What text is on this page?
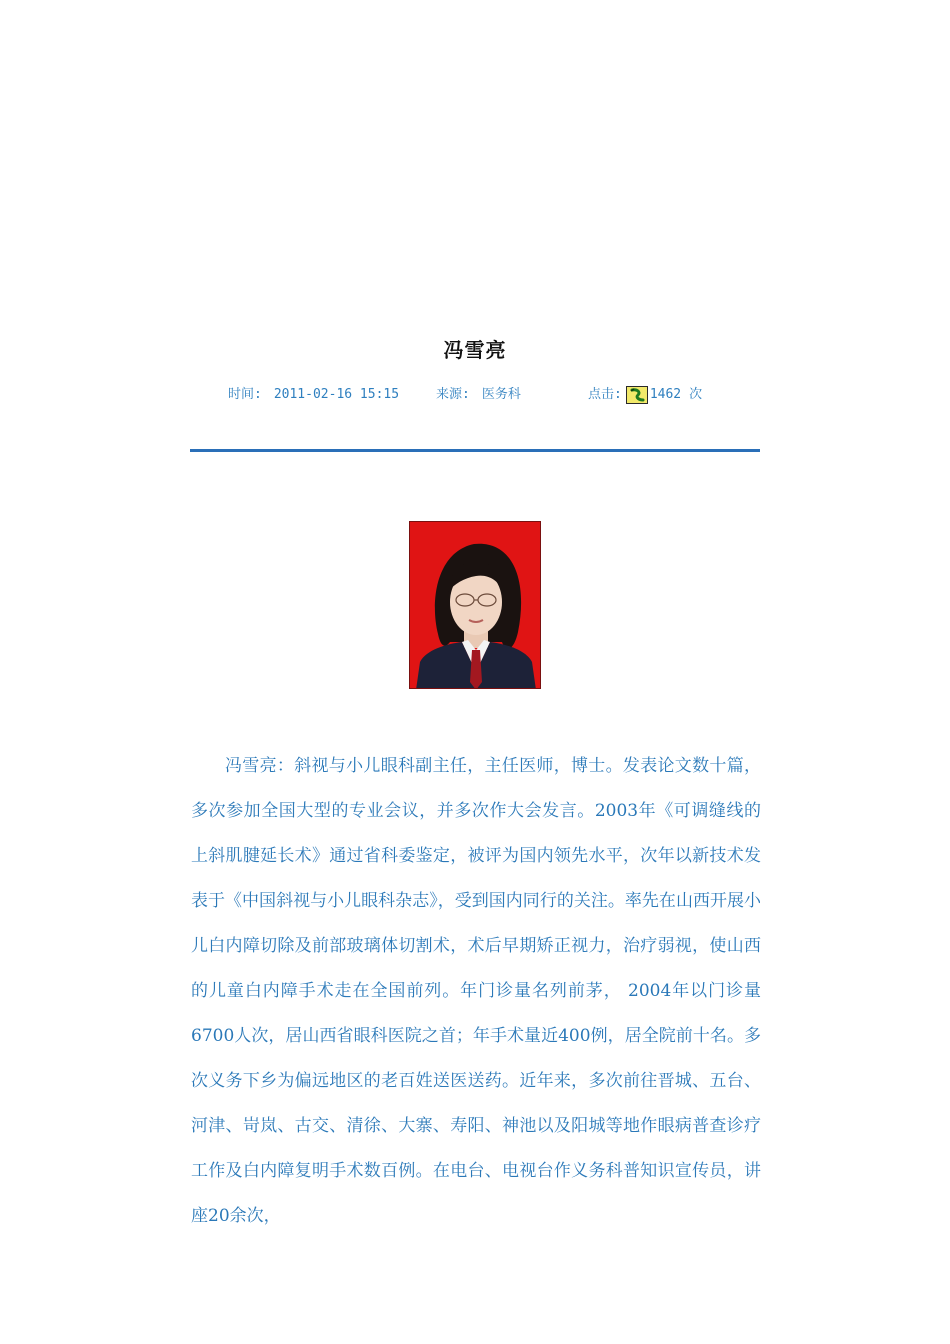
冯雪亮
时间: 2011-02-16 15:15	来源: 医务科	点击: 1462 次

冯雪亮：斜视与小儿眼科副主任，主任医师，博士。发表论文数十篇，多次参加全国大型的专业会议，并多次作大会发言。2003年《可调缝线的上斜肌腱延长术》通过省科委鉴定，被评为国内领先水平，次年以新技术发表于《中国斜视与小儿眼科杂志》，受到国内同行的关注。率先在山西开展小儿白内障切除及前部玻璃体切割术，术后早期矫正视力，治疗弱视，使山西的儿童白内障手术走在全国前列。年门诊量名列前茅， 2004年以门诊量6700人次，居山西省眼科医院之首；年手术量近400例，居全院前十名。多次义务下乡为偏远地区的老百姓送医送药。近年来，多次前往晋城、五台、河津、岢岚、古交、清徐、大寨、寿阳、神池以及阳城等地作眼病普查诊疗工作及白内障复明手术数百例。在电台、电视台作义务科普知识宣传员，讲座20余次，
